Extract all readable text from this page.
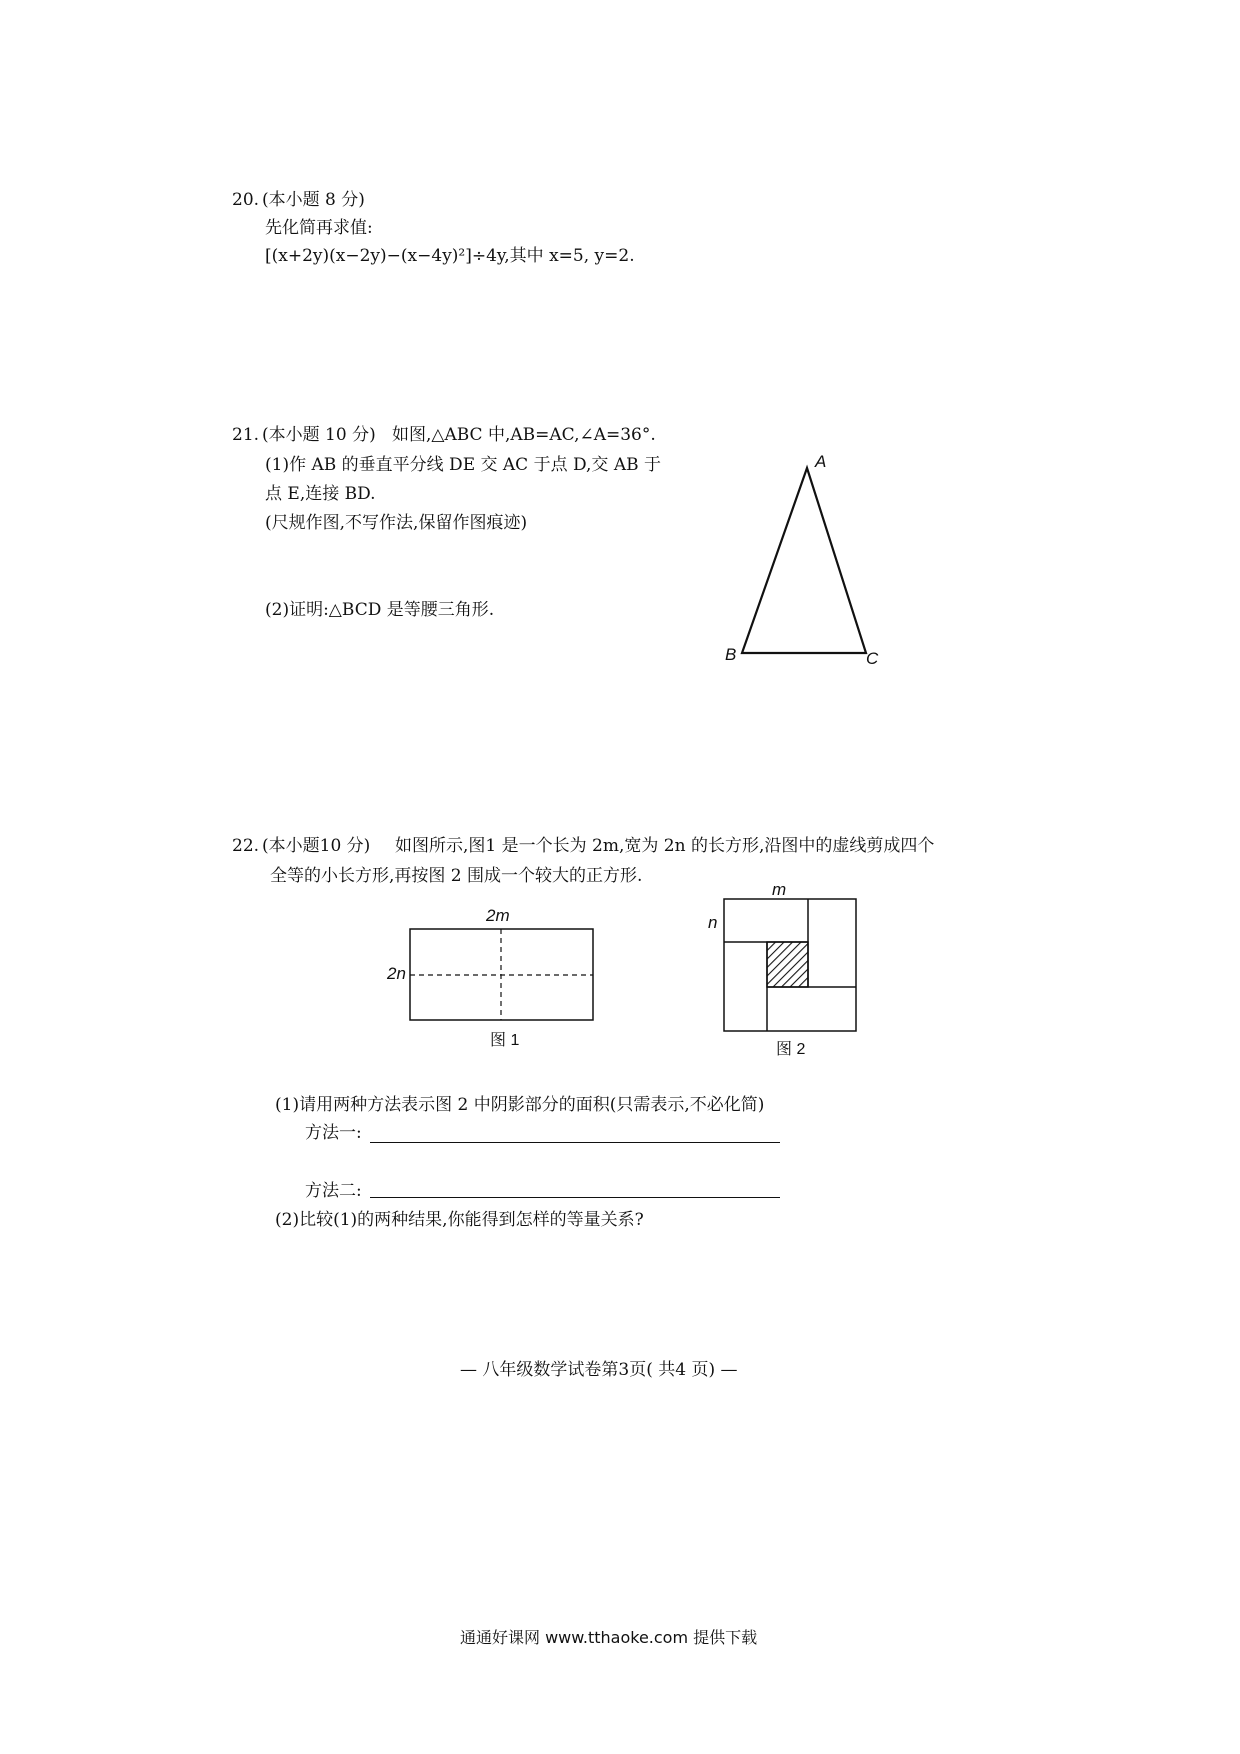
20. (本小题 8 分)
先化简再求值:
[(x+2y)(x−2y)−(x−4y)²]÷4y,其中 x=5, y=2.
21. (本小题 10 分) 如图,△ABC 中,AB=AC,∠A=36°.
(1)作 AB 的垂直平分线 DE 交 AC 于点 D,交 AB 于
点 E,连接 BD.
(尺规作图,不写作法,保留作图痕迹)
(2)证明:△BCD 是等腰三角形.
A
B	C
22. (本小题10 分) 如图所示,图1 是一个长为 2m,宽为 2n 的长方形,沿图中的虚线剪成四个
全等的小长方形,再按图 2 围成一个较大的正方形.
2m
2n
图 1
m
n
图 2
(1)请用两种方法表示图 2 中阴影部分的面积(只需表示,不必化简)
方法一:
方法二:
(2)比较(1)的两种结果,你能得到怎样的等量关系?
— 八年级数学试卷第3页( 共4 页) —
通通好课网 www.tthaoke.com 提供下载
